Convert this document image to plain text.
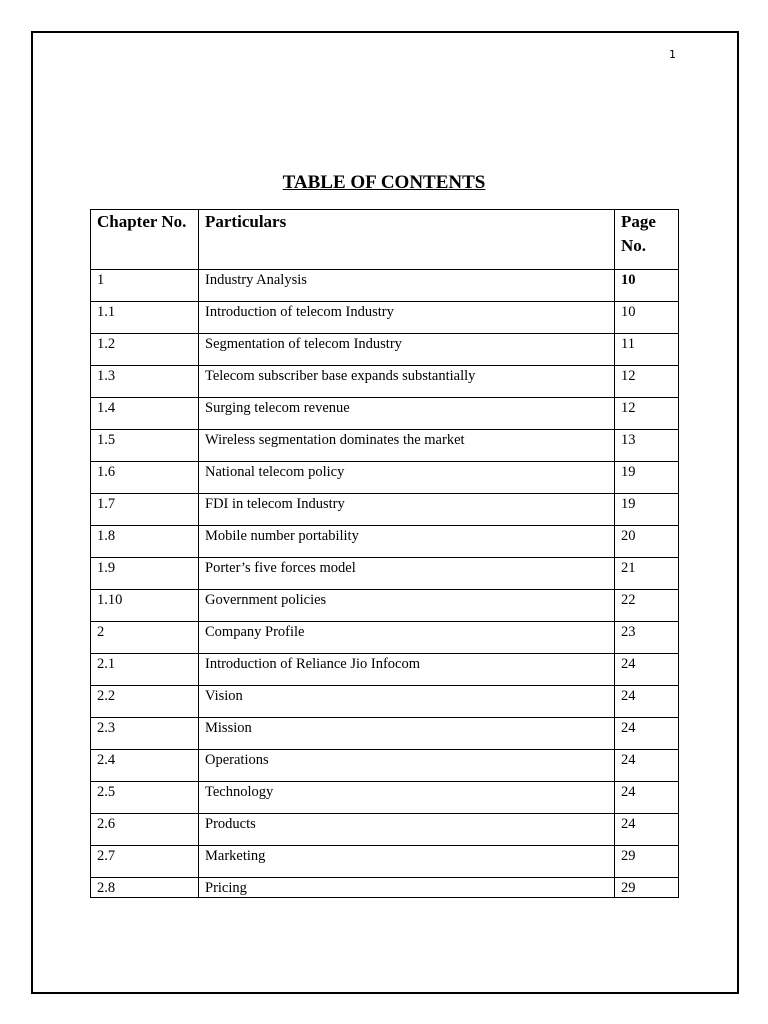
1
TABLE OF CONTENTS
Chapter No.	Particulars	Page No.
1	Industry Analysis	10
1.1	Introduction of telecom Industry	10
1.2	Segmentation of telecom Industry	11
1.3	Telecom subscriber base expands substantially	12
1.4	Surging telecom revenue	12
1.5	Wireless segmentation dominates the market	13
1.6	National telecom policy	19
1.7	FDI in telecom Industry	19
1.8	Mobile number portability	20
1.9	Porter’s five forces model	21
1.10	Government policies	22
2	Company Profile	23
2.1	Introduction of Reliance Jio Infocom	24
2.2	Vision	24
2.3	Mission	24
2.4	Operations	24
2.5	Technology	24
2.6	Products	24
2.7	Marketing	29
2.8	Pricing	29
